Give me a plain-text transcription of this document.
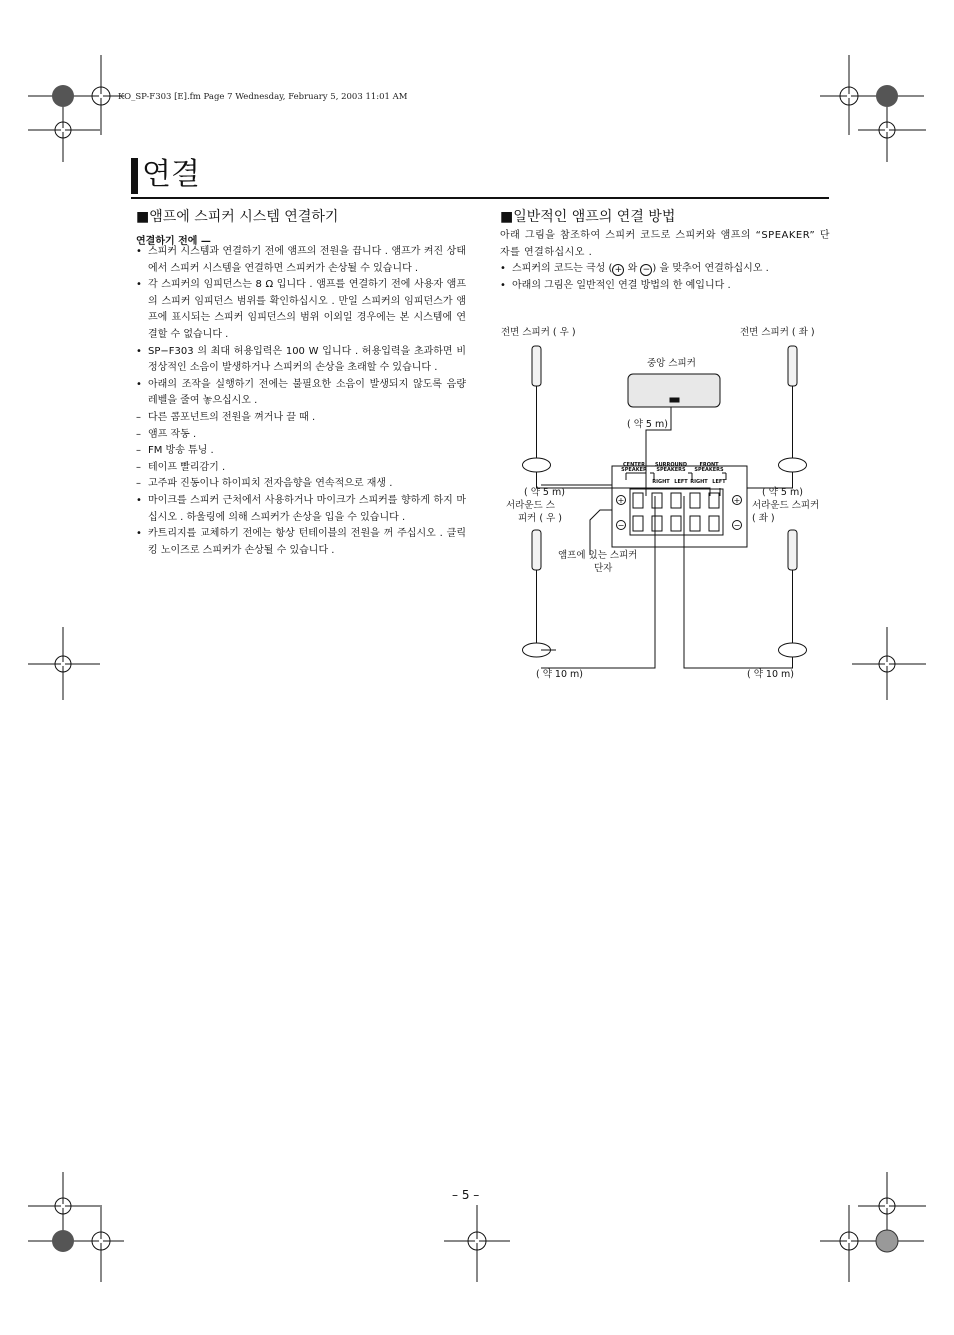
KO_SP-F303 [E].fm Page 7 Wednesday, February 5, 2003 11:01 AM
연결
■앰프에 스피커 시스템 연결하기
연결하기 전에 —
• 스피커 시스템과 연결하기 전에 앰프의 전원을 끕니다 . 앰프가 켜진 상태에서 스피커 시스템을 연결하면 스피커가 손상될 수 있습니다 .
• 각 스피커의 임피던스는 8 Ω 입니다 . 앰프를 연결하기 전에 사용자 앰프의 스피커 임피던스 범위를 확인하십시오 . 만일 스피커의 임피던스가 앰프에 표시되는 스피커 임피던스의 범위 이외일 경우에는 본 시스템에 연결할 수 없습니다 .
• SP−F303 의 최대 허용입력은 100 W 입니다 . 허용입력을 초과하면 비정상적인 소음이 발생하거나 스피커의 손상을 초래할 수 있습니다 .
• 아래의 조작을 실행하기 전에는 불필요한 소음이 발생되지 않도록 음량 레벨을 줄여 놓으십시오 .
– 다른 콤포넌트의 전원을 껴거나 끌 때 .
– 앰프 작동 .
– FM 방송 튜닝 .
– 테이프 빨리감기 .
– 고주파 진동이나 하이피치 전자음향을 연속적으로 재생 .
• 마이크를 스피커 근처에서 사용하거나 마이크가 스피커를 향하게 하지 마십시오 . 하울링에 의해 스피커가 손상을 입을 수 있습니다 .
• 카트리지를 교체하기 전에는 항상 턴테이블의 전원을 꺼 주십시오 . 클릭킹 노이즈로 스피커가 손상될 수 있습니다 .
■일반적인 앰프의 연결 방법

아래 그림을 참조하여 스피커 코드로 스피커와 앰프의 “SPEAKER” 단자를 연결하십시오 .

• 스피커의 코드는 극성 ( + 와 − ) 을 맞추어 연결하십시오 .
• 아래의 그림은 일반적인 연결 방법의 한 예입니다 .
+
−
+
−
CENTER
SPEAKER
SURROUND
SPEAKERS
FRONT
SPEAKERS
RIGHT LEFT RIGHT LEFT
전면 스피커 ( 우 )	전면 스피커 ( 좌 )
중앙 스피커
( 약 5 m)
( 약 5 m)
서라운드 스
피커 ( 우 )
( 약 5 m)
서라운드 스피커
( 좌 )
앰프에 있는 스피커
단자
( 약 10 m)	( 약 10 m)
– 5 –
